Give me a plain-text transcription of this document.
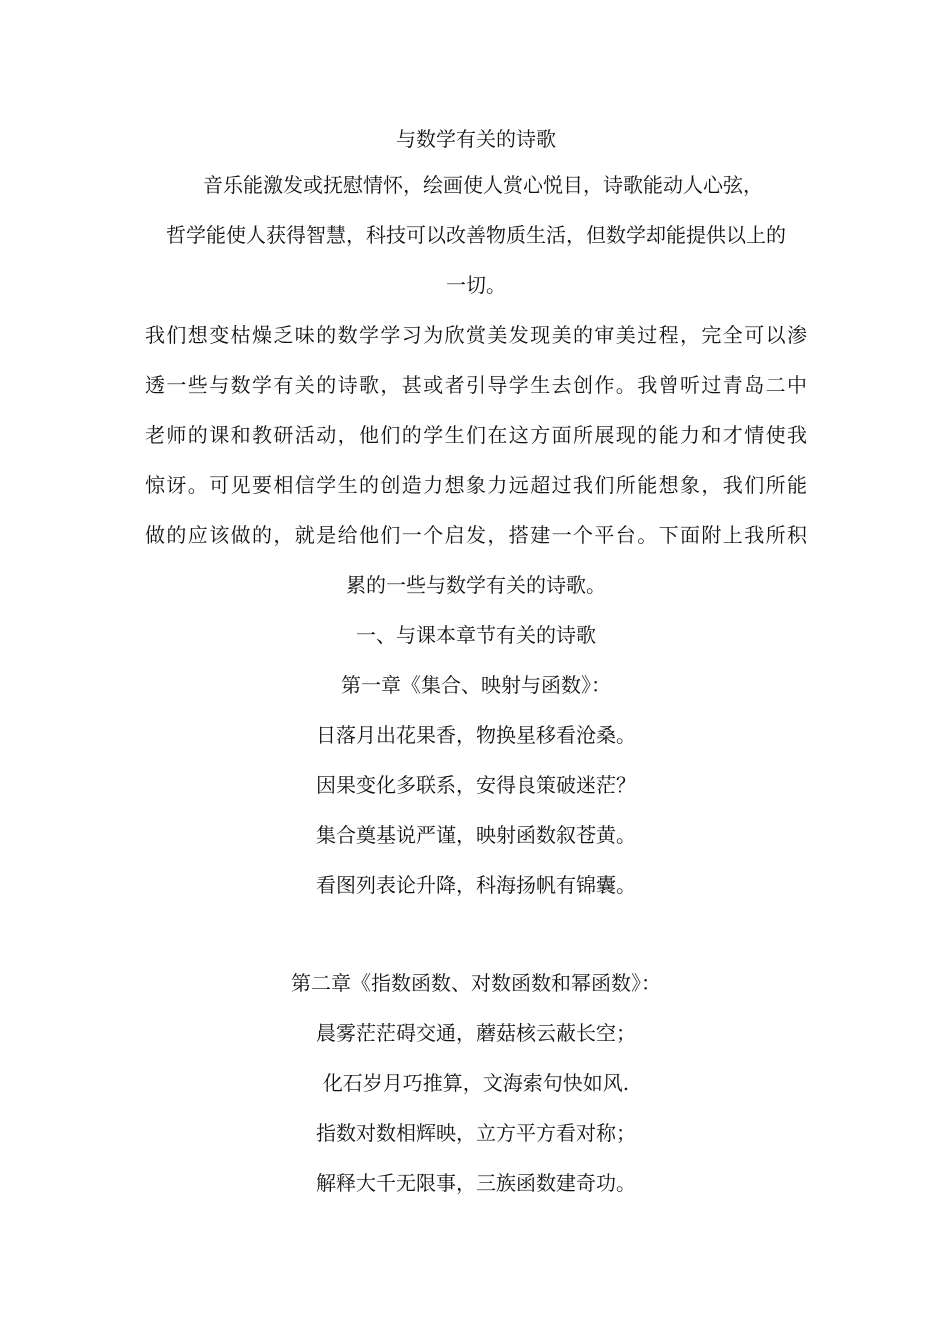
与数学有关的诗歌
音乐能激发或抚慰情怀，绘画使人赏心悦目，诗歌能动人心弦，
哲学能使人获得智慧，科技可以改善物质生活，但数学却能提供以上的
一切。
我们想变枯燥乏味的数学学习为欣赏美发现美的审美过程，完全可以渗
透一些与数学有关的诗歌，甚或者引导学生去创作。我曾听过青岛二中
老师的课和教研活动，他们的学生们在这方面所展现的能力和才情使我
惊讶。可见要相信学生的创造力想象力远超过我们所能想象，我们所能
做的应该做的，就是给他们一个启发，搭建一个平台。下面附上我所积
累的一些与数学有关的诗歌。

一、与课本章节有关的诗歌

第一章《集合、映射与函数》：

日落月出花果香，物换星移看沧桑。

因果变化多联系，安得良策破迷茫？

集合奠基说严谨，映射函数叙苍黄。

看图列表论升降，科海扬帆有锦囊。

第二章《指数函数、对数函数和幂函数》：

晨雾茫茫碍交通，蘑菇核云蔽长空；

化石岁月巧推算，文海索句快如风.

指数对数相辉映，立方平方看对称；

解释大千无限事，三族函数建奇功。
